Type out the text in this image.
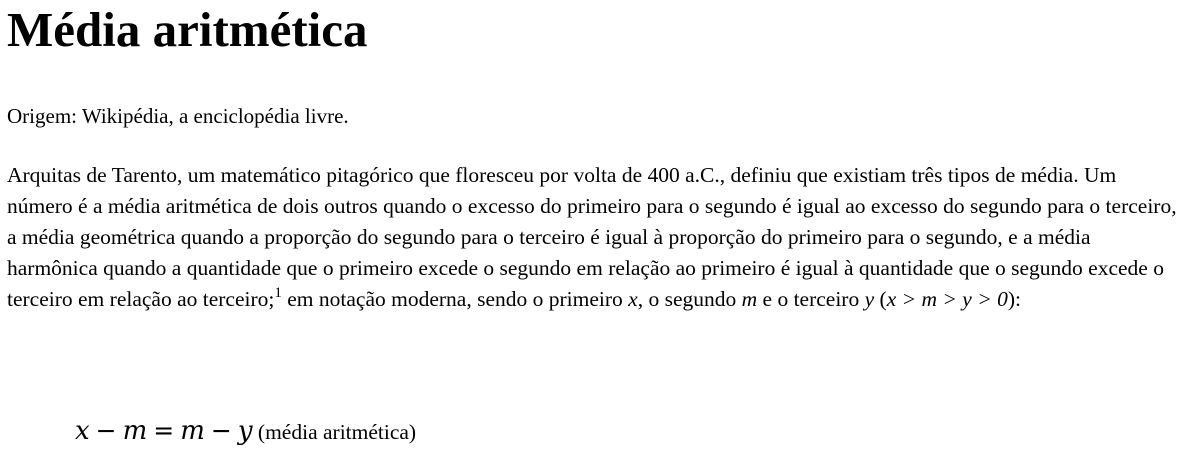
Média aritmética

Origem: Wikipédia, a enciclopédia livre.

Arquitas de Tarento, um matemático pitagórico que floresceu por volta de 400 a.C., definiu que existiam três tipos de média. Um número é a média aritmética de dois outros quando o excesso do primeiro para o segundo é igual ao excesso do segundo para o terceiro, a média geométrica quando a proporção do segundo para o terceiro é igual à proporção do primeiro para o segundo, e a média harmônica quando a quantidade que o primeiro excede o segundo em relação ao primeiro é igual à quantidade que o segundo excede o terceiro em relação ao terceiro;$^1$ em notação moderna, sendo o primeiro x, o segundo m e o terceiro y (x > m > y > 0):

x − m = m − y (média aritmética)
